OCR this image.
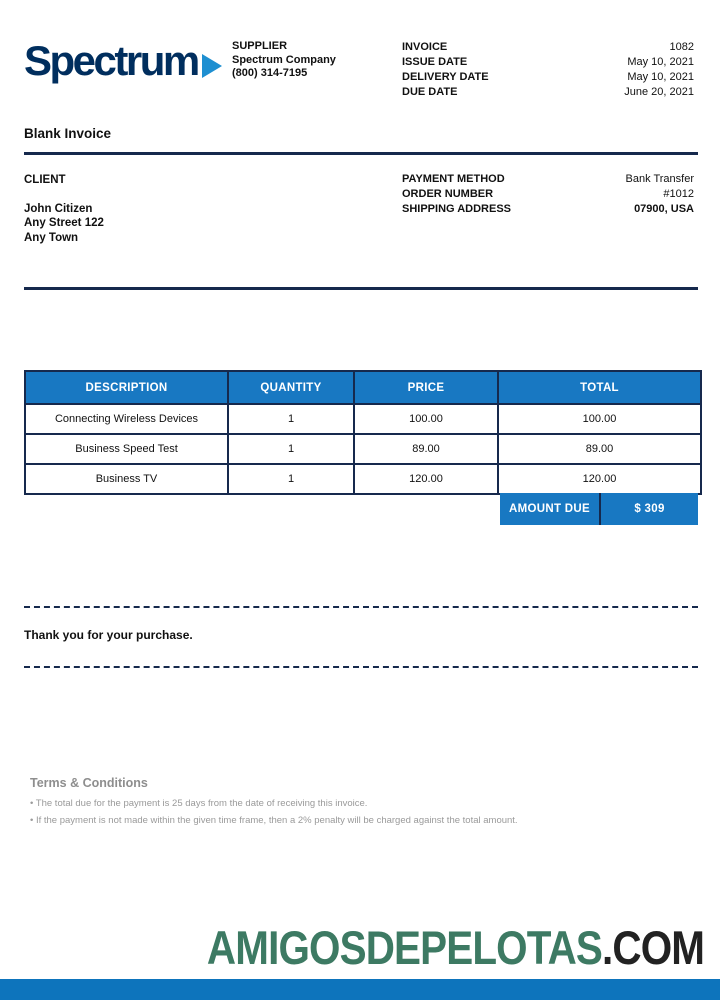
Spectrum	SUPPLIER
Spectrum Company
(800) 314-7195
INVOICE	1082
ISSUE DATE	May 10, 2021
DELIVERY DATE	May 10, 2021
DUE DATE	June 20, 2021
Blank Invoice
CLIENT
John Citizen
Any Street 122
Any Town
PAYMENT METHOD	Bank Transfer
ORDER NUMBER	#1012
SHIPPING ADDRESS	07900, USA
DESCRIPTION	QUANTITY	PRICE	TOTAL
Connecting Wireless Devices	1	100.00	100.00
Business Speed Test	1	89.00	89.00
Business TV	1	120.00	120.00
AMOUNT DUE	$ 309
Thank you for your purchase.
Terms & Conditions
• The total due for the payment is 25 days from the date of receiving this invoice.
• If the payment is not made within the given time frame, then a 2% penalty will be charged against the total amount.
AMIGOSDEPELOTAS.COM
